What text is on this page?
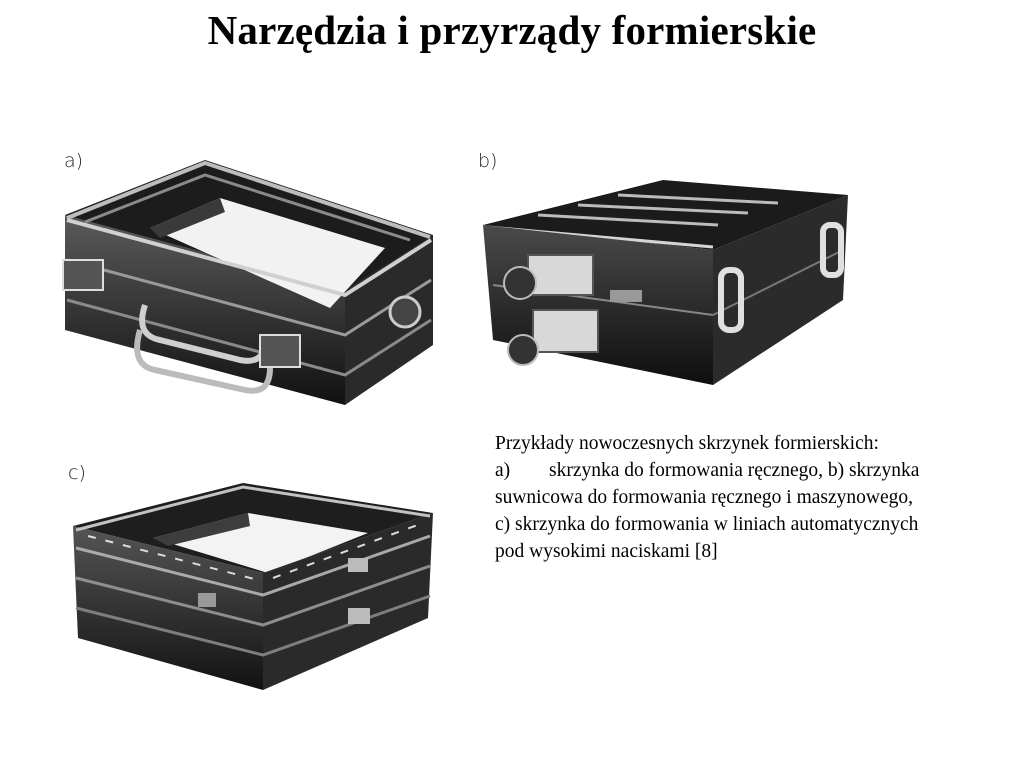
Narzędzia i przyrządy formierskie
a)	b)
c)

Przykłady nowoczesnych skrzynek formierskich:

a) skrzynka do formowania ręcznego, b) skrzynka

suwnicowa do formowania ręcznego i maszynowego,

c) skrzynka do formowania w liniach automatycznych

pod wysokimi naciskami [8]
